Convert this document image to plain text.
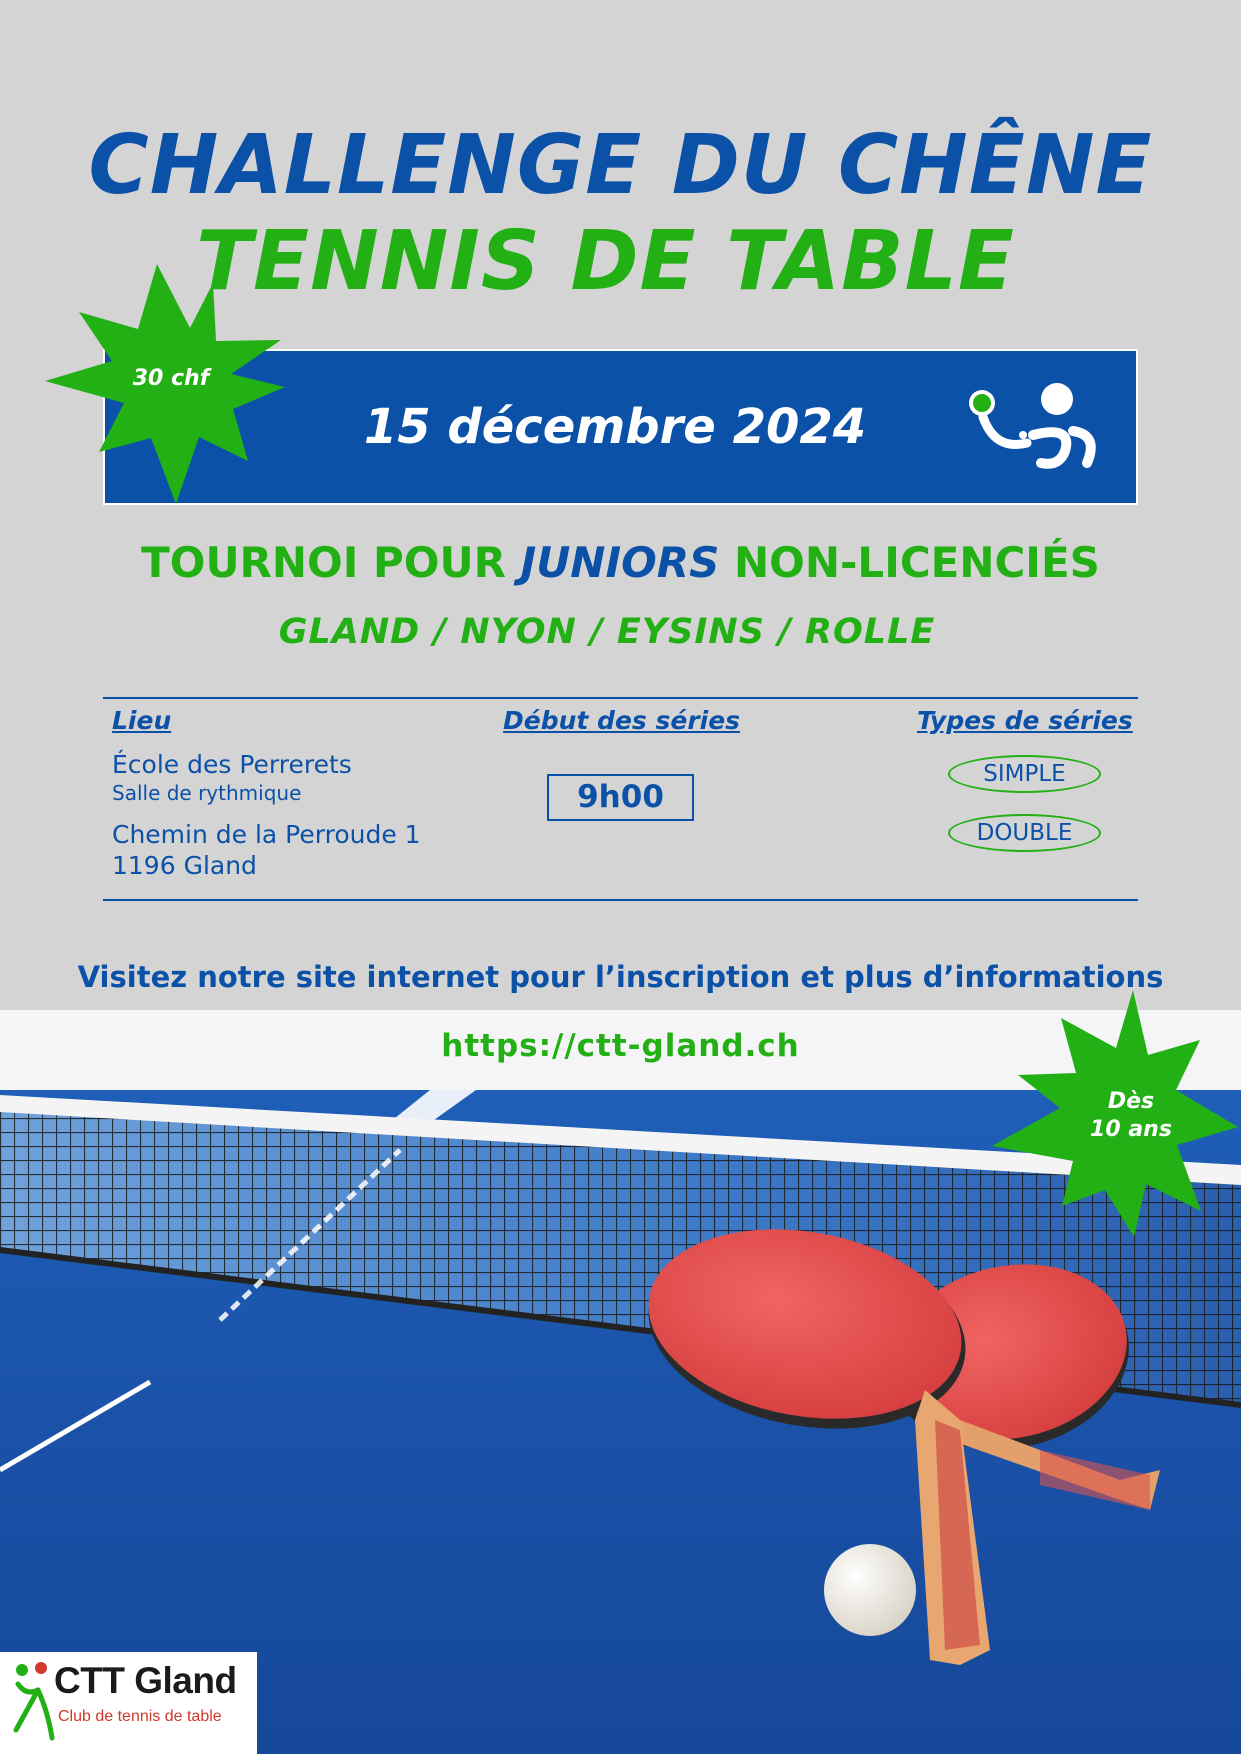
CHALLENGE DU CHÊNE
TENNIS DE TABLE
15 décembre 2024
30 chf
TOURNOI POUR JUNIORS NON-LICENCIÉS
GLAND / NYON / EYSINS / ROLLE
Lieu
École des Perrerets
Salle de rythmique
Chemin de la Perroude 1
1196 Gland
Début des séries
9h00
Types de séries
SIMPLE
DOUBLE
Visitez notre site internet pour l’inscription et plus d’informations
https://ctt-gland.ch
Dès
10 ans
CTT Gland
Club de tennis de table
